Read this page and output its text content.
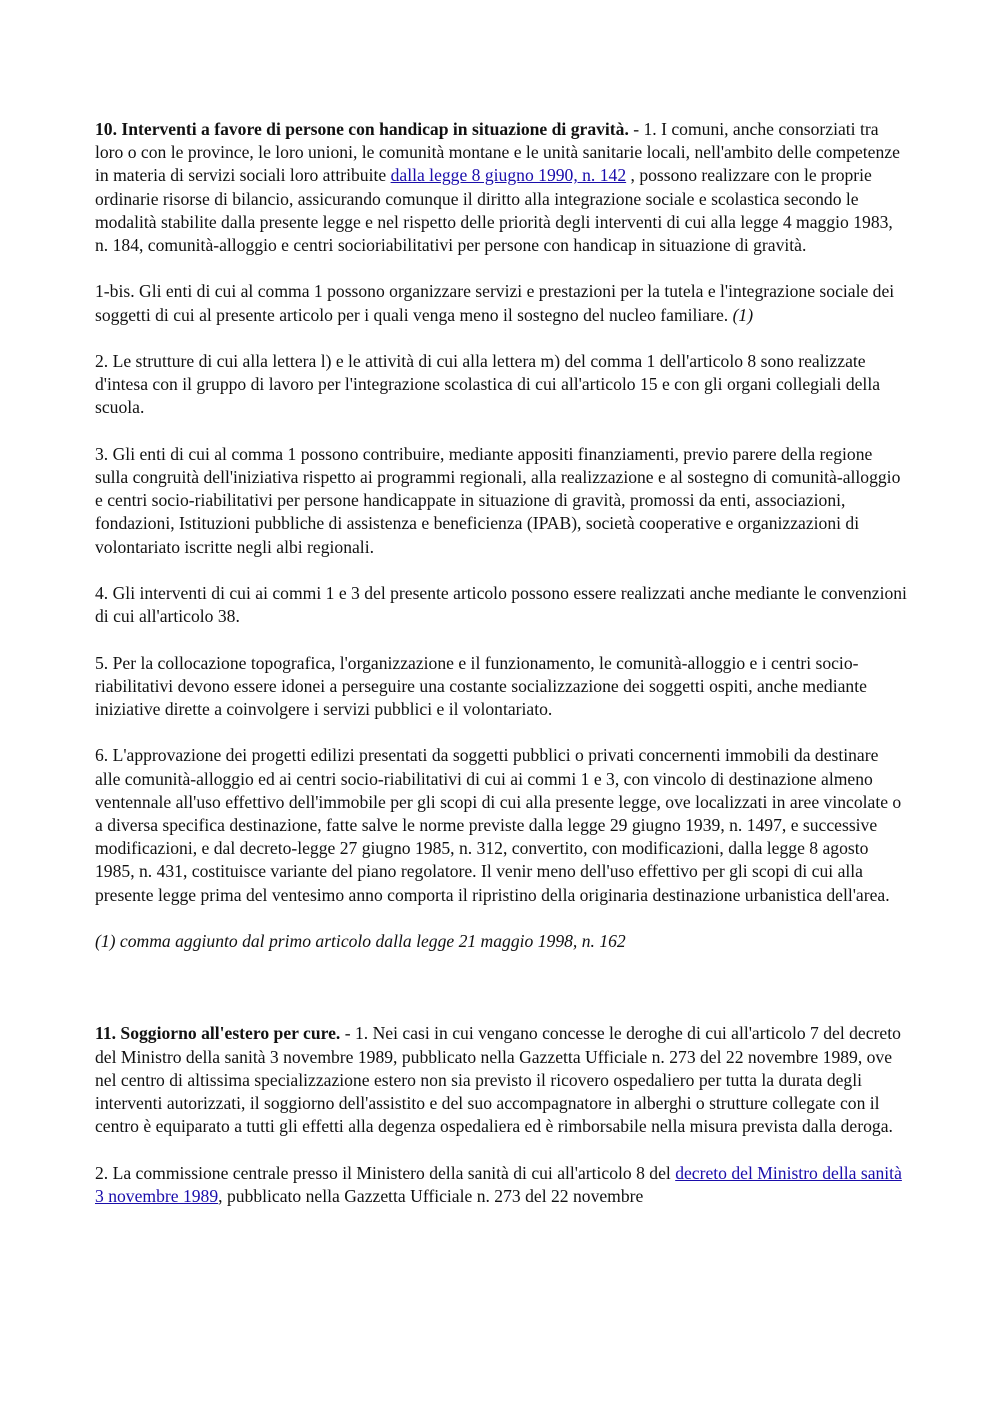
10. Interventi a favore di persone con handicap in situazione di gravità. - 1. I comuni, anche consorziati tra loro o con le province, le loro unioni, le comunità montane e le unità sanitarie locali, nell'ambito delle competenze in materia di servizi sociali loro attribuite dalla legge 8 giugno 1990, n. 142 , possono realizzare con le proprie ordinarie risorse di bilancio, assicurando comunque il diritto alla integrazione sociale e scolastica secondo le modalità stabilite dalla presente legge e nel rispetto delle priorità degli interventi di cui alla legge 4 maggio 1983, n. 184, comunità-alloggio e centri socioriabilitativi per persone con handicap in situazione di gravità.

1-bis. Gli enti di cui al comma 1 possono organizzare servizi e prestazioni per la tutela e l'integrazione sociale dei soggetti di cui al presente articolo per i quali venga meno il sostegno del nucleo familiare. (1)

2. Le strutture di cui alla lettera l) e le attività di cui alla lettera m) del comma 1 dell'articolo 8 sono realizzate d'intesa con il gruppo di lavoro per l'integrazione scolastica di cui all'articolo 15 e con gli organi collegiali della scuola.

3. Gli enti di cui al comma 1 possono contribuire, mediante appositi finanziamenti, previo parere della regione sulla congruità dell'iniziativa rispetto ai programmi regionali, alla realizzazione e al sostegno di comunità-alloggio e centri socio-riabilitativi per persone handicappate in situazione di gravità, promossi da enti, associazioni, fondazioni, Istituzioni pubbliche di assistenza e beneficienza (IPAB), società cooperative e organizzazioni di volontariato iscritte negli albi regionali.

4. Gli interventi di cui ai commi 1 e 3 del presente articolo possono essere realizzati anche mediante le convenzioni di cui all'articolo 38.

5. Per la collocazione topografica, l'organizzazione e il funzionamento, le comunità-alloggio e i centri socio-riabilitativi devono essere idonei a perseguire una costante socializzazione dei soggetti ospiti, anche mediante iniziative dirette a coinvolgere i servizi pubblici e il volontariato.

6. L'approvazione dei progetti edilizi presentati da soggetti pubblici o privati concernenti immobili da destinare alle comunità-alloggio ed ai centri socio-riabilitativi di cui ai commi 1 e 3, con vincolo di destinazione almeno ventennale all'uso effettivo dell'immobile per gli scopi di cui alla presente legge, ove localizzati in aree vincolate o a diversa specifica destinazione, fatte salve le norme previste dalla legge 29 giugno 1939, n. 1497, e successive modificazioni, e dal decreto-legge 27 giugno 1985, n. 312, convertito, con modificazioni, dalla legge 8 agosto 1985, n. 431, costituisce variante del piano regolatore. Il venir meno dell'uso effettivo per gli scopi di cui alla presente legge prima del ventesimo anno comporta il ripristino della originaria destinazione urbanistica dell'area.

(1) comma aggiunto dal primo articolo dalla legge 21 maggio 1998, n. 162

11. Soggiorno all'estero per cure. - 1. Nei casi in cui vengano concesse le deroghe di cui all'articolo 7 del decreto del Ministro della sanità 3 novembre 1989, pubblicato nella Gazzetta Ufficiale n. 273 del 22 novembre 1989, ove nel centro di altissima specializzazione estero non sia previsto il ricovero ospedaliero per tutta la durata degli interventi autorizzati, il soggiorno dell'assistito e del suo accompagnatore in alberghi o strutture collegate con il centro è equiparato a tutti gli effetti alla degenza ospedaliera ed è rimborsabile nella misura prevista dalla deroga.

2. La commissione centrale presso il Ministero della sanità di cui all'articolo 8 del decreto del Ministro della sanità 3 novembre 1989, pubblicato nella Gazzetta Ufficiale n. 273 del 22 novembre
